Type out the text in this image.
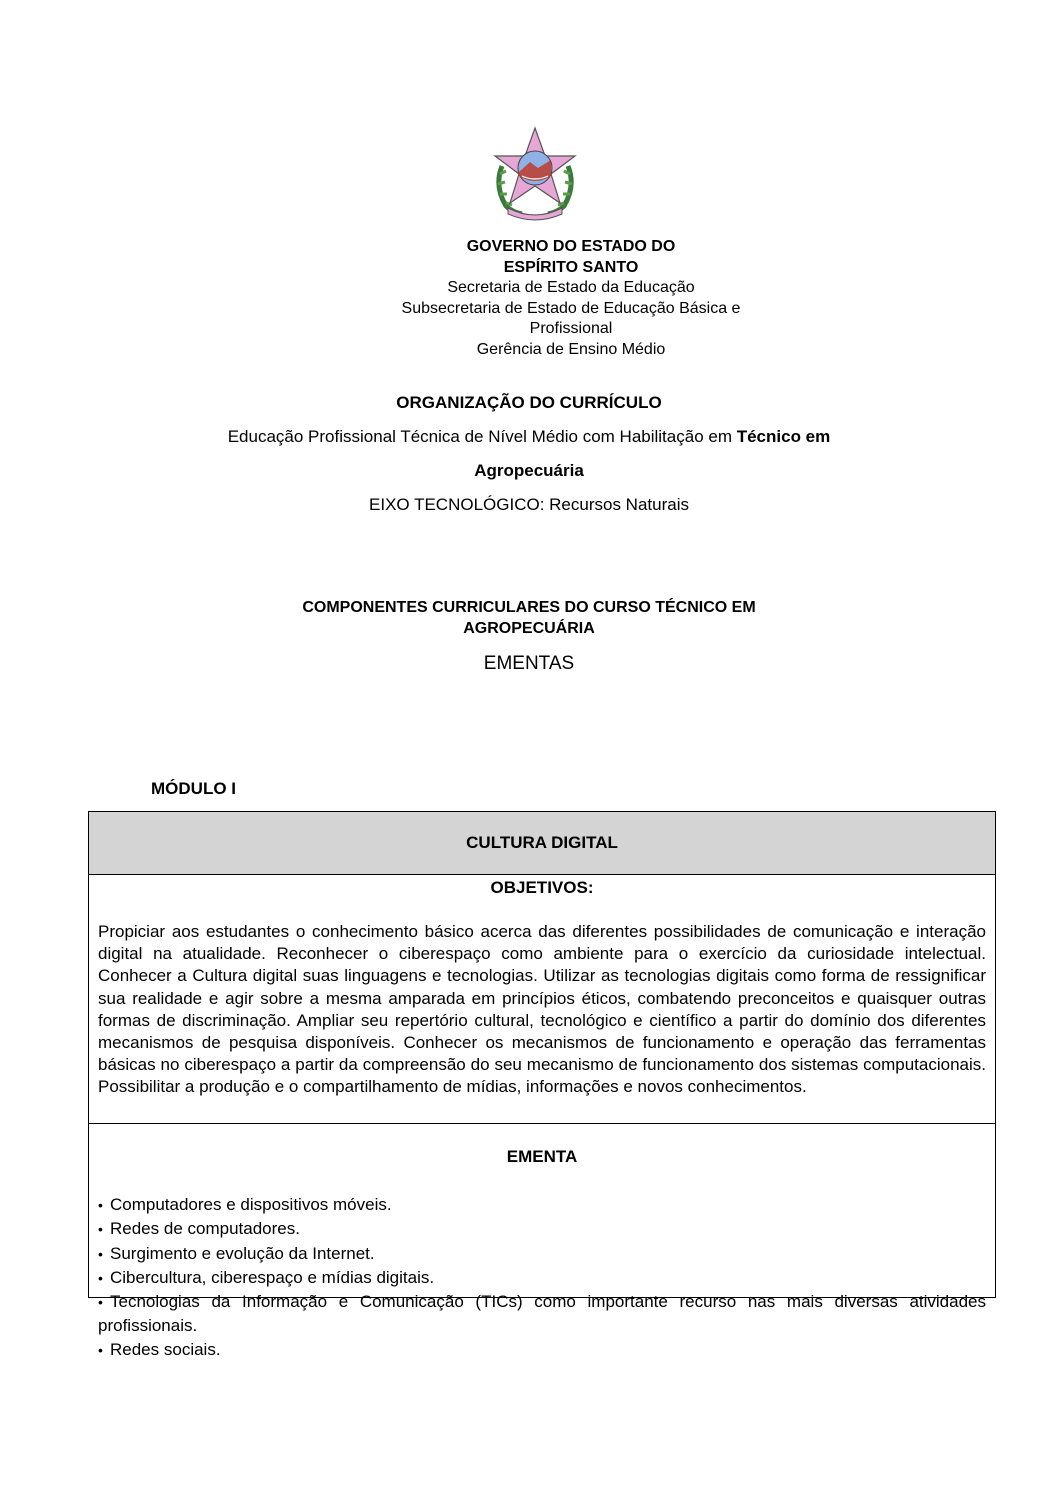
· · ·
GOVERNO DO ESTADO DO
ESPÍRITO SANTO
Secretaria de Estado da Educação
Subsecretaria de Estado de Educação Básica e
Profissional
Gerência de Ensino Médio
ORGANIZAÇÃO DO CURRÍCULO
Educação Profissional Técnica de Nível Médio com Habilitação em Técnico em
Agropecuária
EIXO TECNOLÓGICO: Recursos Naturais
COMPONENTES CURRICULARES DO CURSO TÉCNICO EM
AGROPECUÁRIA
EMENTAS
MÓDULO I
CULTURA DIGITAL
OBJETIVOS:
Propiciar aos estudantes o conhecimento básico acerca das diferentes possibilidades de comunicação e interação digital na atualidade. Reconhecer o ciberespaço como ambiente para o exercício da curiosidade intelectual. Conhecer a Cultura digital suas linguagens e tecnologias. Utilizar as tecnologias digitais como forma de ressignificar sua realidade e agir sobre a mesma amparada em princípios éticos, combatendo preconceitos e quaisquer outras formas de discriminação. Ampliar seu repertório cultural, tecnológico e científico a partir do domínio dos diferentes mecanismos de pesquisa disponíveis. Conhecer os mecanismos de funcionamento e operação das ferramentas básicas no ciberespaço a partir da compreensão do seu mecanismo de funcionamento dos sistemas computacionais. Possibilitar a produção e o compartilhamento de mídias, informações e novos conhecimentos.
EMENTA
• Computadores e dispositivos móveis.
• Redes de computadores.
• Surgimento e evolução da Internet.
• Cibercultura, ciberespaço e mídias digitais.
• Tecnologias da Informação e Comunicação (TICs) como importante recurso nas mais diversas atividades profissionais.
• Redes sociais.
